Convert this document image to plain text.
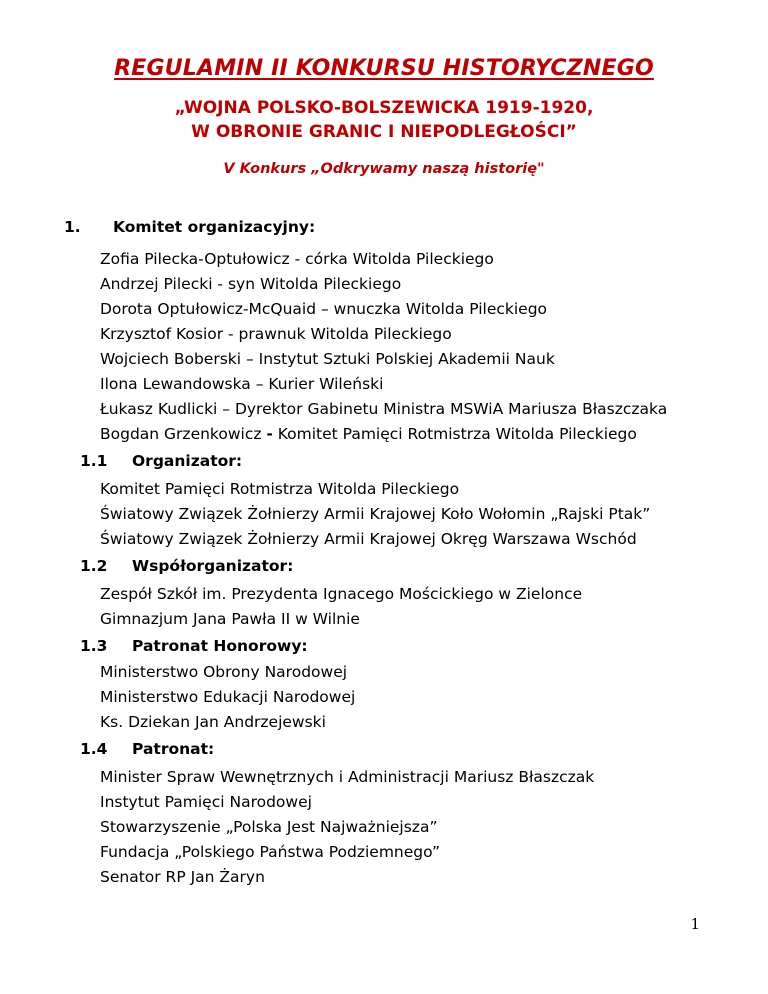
REGULAMIN II KONKURSU HISTORYCZNEGO
„WOJNA POLSKO-BOLSZEWICKA 1919-1920,
W OBRONIE GRANIC I NIEPODLEGŁOŚCI”
V Konkurs „Odkrywamy naszą historię"
1. Komitet organizacyjny:
Zofia Pilecka-Optułowicz - córka Witolda Pileckiego
Andrzej Pilecki - syn Witolda Pileckiego
Dorota Optułowicz-McQuaid – wnuczka Witolda Pileckiego
Krzysztof Kosior - prawnuk Witolda Pileckiego
Wojciech Boberski – Instytut Sztuki Polskiej Akademii Nauk
Ilona Lewandowska – Kurier Wileński
Łukasz Kudlicki – Dyrektor Gabinetu Ministra MSWiA Mariusza Błaszczaka
Bogdan Grzenkowicz - Komitet Pamięci Rotmistrza Witolda Pileckiego
1.1 Organizator:
Komitet Pamięci Rotmistrza Witolda Pileckiego
Światowy Związek Żołnierzy Armii Krajowej Koło Wołomin „Rajski Ptak”
Światowy Związek Żołnierzy Armii Krajowej Okręg Warszawa Wschód
1.2 Współorganizator:
Zespół Szkół im. Prezydenta Ignacego Mościckiego w Zielonce
Gimnazjum Jana Pawła II w Wilnie
1.3 Patronat Honorowy:
Ministerstwo Obrony Narodowej
Ministerstwo Edukacji Narodowej
Ks. Dziekan Jan Andrzejewski
1.4 Patronat:
Minister Spraw Wewnętrznych i Administracji Mariusz Błaszczak
Instytut Pamięci Narodowej
Stowarzyszenie „Polska Jest Najważniejsza”
Fundacja „Polskiego Państwa Podziemnego”
Senator RP Jan Żaryn
1
